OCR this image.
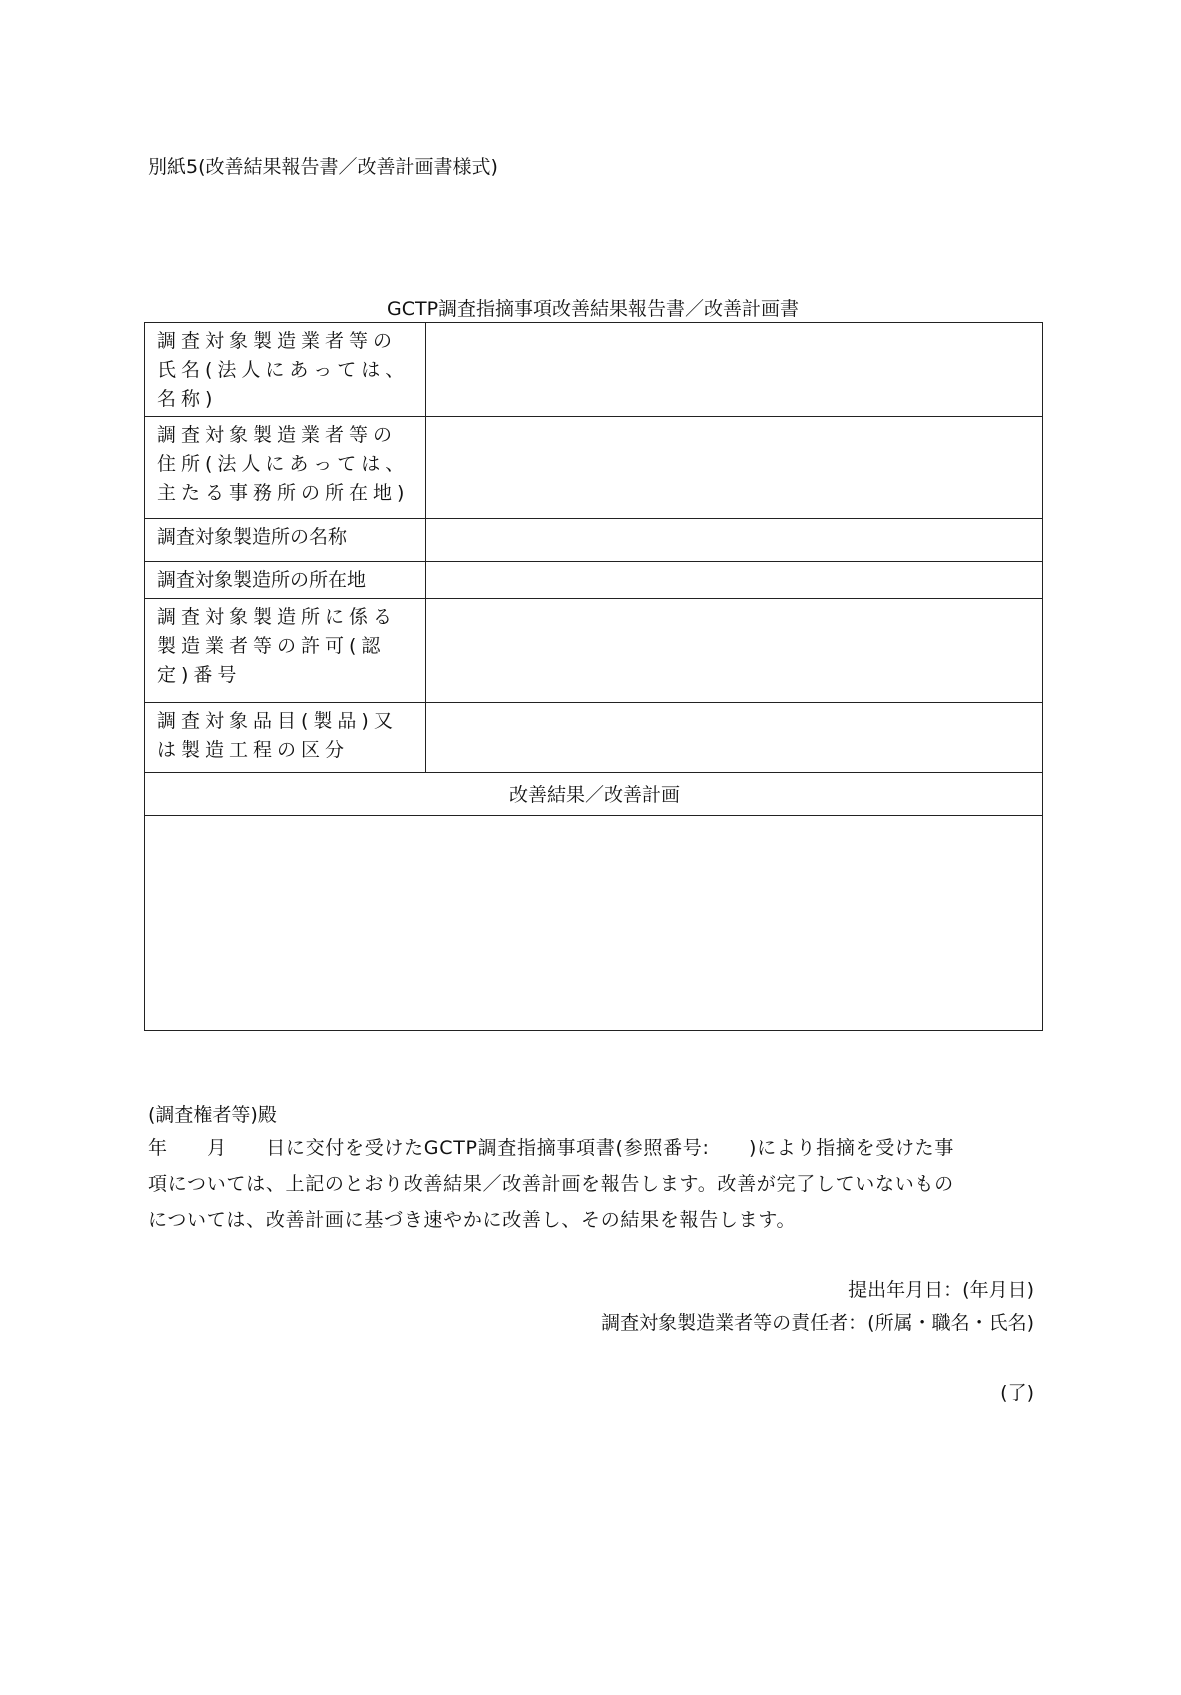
別紙5(改善結果報告書／改善計画書様式)
GCTP調査指摘事項改善結果報告書／改善計画書
調査対象製造業者等の氏名(法人にあっては、名称)	
調査対象製造業者等の住所(法人にあっては、主たる事務所の所在地)	
調査対象製造所の名称	
調査対象製造所の所在地	
調査対象製造所に係る製造業者等の許可(認定)番号	
調査対象品目(製品)又は製造工程の区分	
改善結果／改善計画	

(調査権者等)殿
年　　月　　日に交付を受けたGCTP調査指摘事項書(参照番号:　　)により指摘を受けた事
項については、上記のとおり改善結果／改善計画を報告します。改善が完了していないもの
については、改善計画に基づき速やかに改善し、その結果を報告します。
提出年月日：(年月日)
調査対象製造業者等の責任者：(所属・職名・氏名)
(了)
